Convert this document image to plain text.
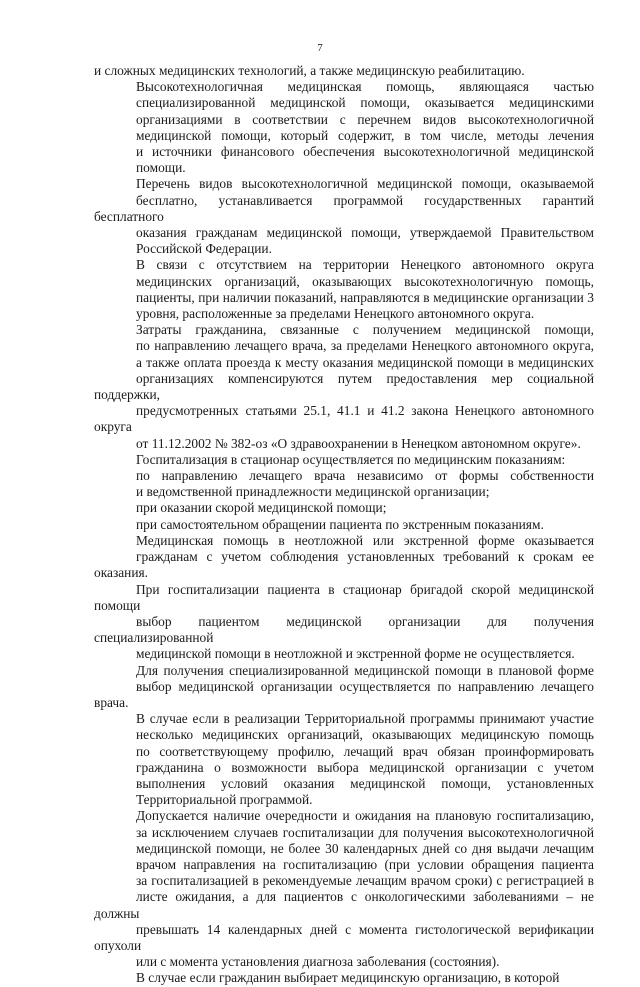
7

и сложных медицинских технологий, а также медицинскую реабилитацию.

Высокотехнологичная медицинская помощь, являющаяся частью
специализированной медицинской помощи, оказывается медицинскими
организациями в соответствии с перечнем видов высокотехнологичной
медицинской помощи, который содержит, в том числе, методы лечения
и источники финансового обеспечения высокотехнологичной медицинской
помощи.

Перечень видов высокотехнологичной медицинской помощи, оказываемой
бесплатно, устанавливается программой государственных гарантий бесплатного
оказания гражданам медицинской помощи, утверждаемой Правительством
Российской Федерации.

В связи с отсутствием на территории Ненецкого автономного округа
медицинских организаций, оказывающих высокотехнологичную помощь,
пациенты, при наличии показаний, направляются в медицинские организации 3
уровня, расположенные за пределами Ненецкого автономного округа.

Затраты гражданина, связанные с получением медицинской помощи,
по направлению лечащего врача, за пределами Ненецкого автономного округа,
а также оплата проезда к месту оказания медицинской помощи в медицинских
организациях компенсируются путем предоставления мер социальной поддержки,
предусмотренных статьями 25.1, 41.1 и 41.2 закона Ненецкого автономного округа
от 11.12.2002 № 382-оз «О здравоохранении в Ненецком автономном округе».

Госпитализация в стационар осуществляется по медицинским показаниям:

по направлению лечащего врача независимо от формы собственности
и ведомственной принадлежности медицинской организации;

при оказании скорой медицинской помощи;

при самостоятельном обращении пациента по экстренным показаниям.

Медицинская помощь в неотложной или экстренной форме оказывается
гражданам с учетом соблюдения установленных требований к срокам ее оказания.
При госпитализации пациента в стационар бригадой скорой медицинской помощи
выбор пациентом медицинской организации для получения специализированной
медицинской помощи в неотложной и экстренной форме не осуществляется.

Для получения специализированной медицинской помощи в плановой форме
выбор медицинской организации осуществляется по направлению лечащего врача.
В случае если в реализации Территориальной программы принимают участие
несколько медицинских организаций, оказывающих медицинскую помощь
по соответствующему профилю, лечащий врач обязан проинформировать
гражданина о возможности выбора медицинской организации с учетом
выполнения условий оказания медицинской помощи, установленных
Территориальной программой.

Допускается наличие очередности и ожидания на плановую госпитализацию,
за исключением случаев госпитализации для получения высокотехнологичной
медицинской помощи, не более 30 календарных дней со дня выдачи лечащим
врачом направления на госпитализацию (при условии обращения пациента
за госпитализацией в рекомендуемые лечащим врачом сроки) с регистрацией в
листе ожидания, а для пациентов с онкологическими заболеваниями – не должны
превышать 14 календарных дней с момента гистологической верификации опухоли
или с момента установления диагноза заболевания (состояния).

В случае если гражданин выбирает медицинскую организацию, в которой
